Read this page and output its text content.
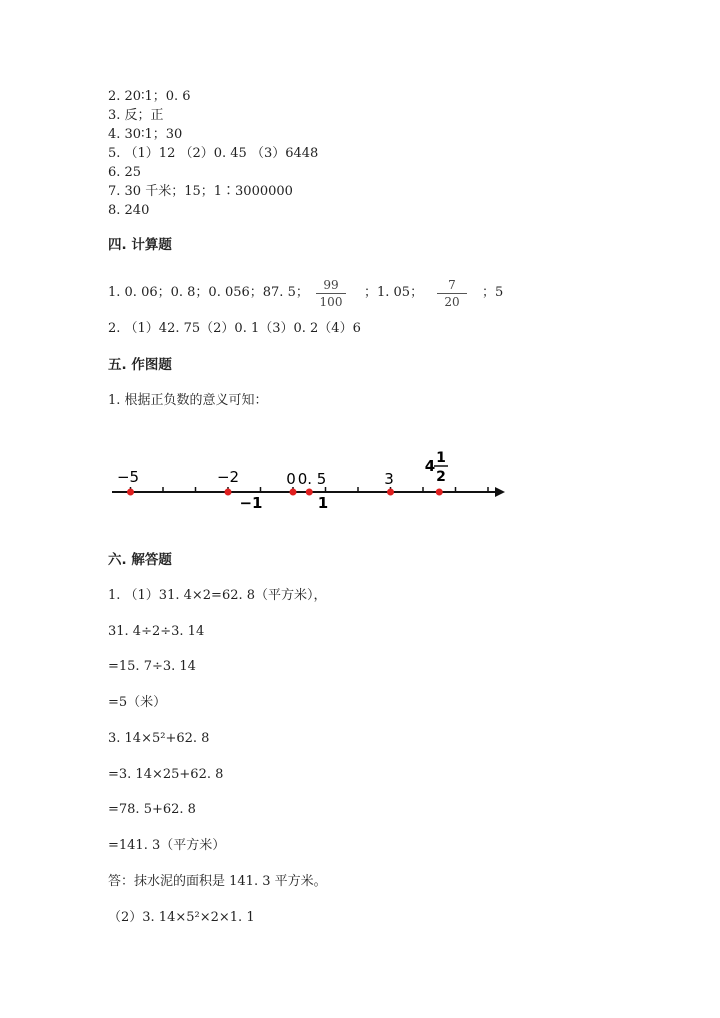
2. 20∶1；0. 6
3. 反；正
4. 30∶1；30
5. （1）12 （2）0. 45 （3）6448
6. 25
7. 30 千米；15；1∶3000000
8. 240
四. 计算题
1. 0. 06；0. 8；0. 056；87. 5； $\frac{99}{100}$ ；1. 05； $\frac{7}{20}$ ；5
2. （1）42. 75（2）0. 1（3）0. 2（4）6
五. 作图题
1. 根据正负数的意义可知：
−5	−2	0 0. 5	3
4 1
2
−1	1
六. 解答题
1. （1）31. 4×2=62. 8（平方米），
31. 4÷2÷3. 14
=15. 7÷3. 14
=5（米）
3. 14×5²+62. 8
=3. 14×25+62. 8
=78. 5+62. 8
=141. 3（平方米）
答：抹水泥的面积是 141. 3 平方米。
（2）3. 14×5²×2×1. 1
